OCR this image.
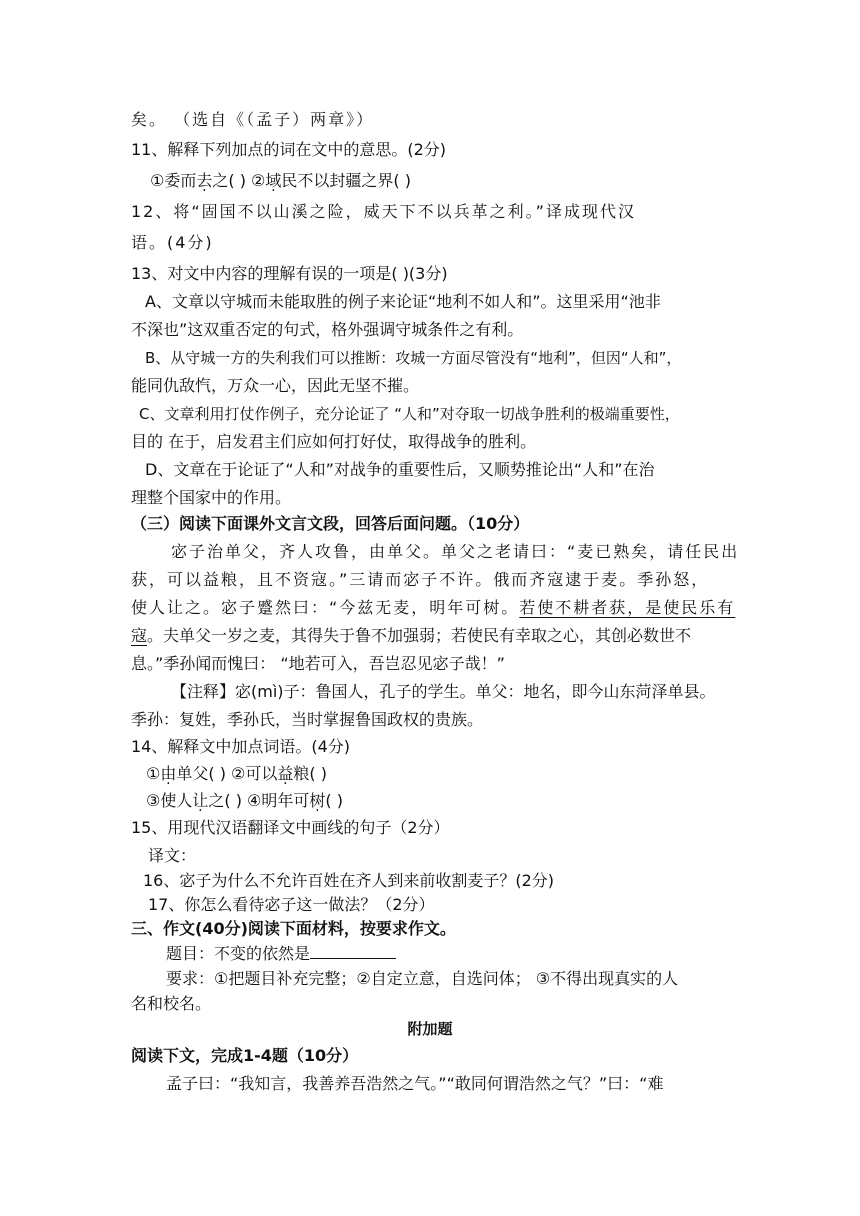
矣。 （选自《（孟子）两章》）
11、解释下列加点的词在文中的意思。(2分)
①委而去之( ) ②域民不以封疆之界( )
12、将“固国不以山溪之险，威天下不以兵革之利。”译成现代汉
语。(4分)
13、对文中内容的理解有误的一项是( )(3分)
A、文章以守城而未能取胜的例子来论证“地利不如人和”。这里采用“池非
不深也”这双重否定的句式，格外强调守城条件之有利。
B、从守城一方的失利我们可以推断：攻城一方面尽管没有“地利”，但因“人和”，
能同仇敌忾，万众一心，因此无坚不摧。
C、文章利用打仗作例子，充分论证了 “人和”对夺取一切战争胜利的极端重要性，
目的 在于，启发君主们应如何打好仗，取得战争的胜利。
D、文章在于论证了“人和”对战争的重要性后，又顺势推论出“人和”在治
理整个国家中的作用。
（三）阅读下面课外文言文段，回答后面问题。（10分）
宓子治单父，齐人攻鲁，由单父。单父之老请曰：“麦已熟矣，请任民出
获，可以益粮，且不资寇。”三请而宓子不许。俄而齐寇逮于麦。季孙怒，
使人让之。宓子蹙然曰：“今兹无麦，明年可树。若使不耕者获，是使民乐有
寇。夫单父一岁之麦，其得失于鲁不加强弱；若使民有幸取之心，其创必数世不
息。”季孙闻而愧曰： “地若可入，吾岂忍见宓子哉！”
【注释】宓(mì)子：鲁国人，孔子的学生。单父：地名，即今山东菏泽单县。
季孙：复姓，季孙氏，当时掌握鲁国政权的贵族。
14、解释文中加点词语。(4分)
①由单父( ) ②可以益粮( )
③使人让之( ) ④明年可树( )
15、用现代汉语翻译文中画线的句子（2分）
译文：
16、宓子为什么不允许百姓在齐人到来前收割麦子？(2分)
17、你怎么看待宓子这一做法？（2分）
三、作文(40分)阅读下面材料，按要求作文。
题目：不变的依然是
要求：①把题目补充完整；②自定立意，自选问体； ③不得出现真实的人
名和校名。
附加题
阅读下文，完成1-4题（10分）
孟子曰：“我知言，我善养吾浩然之气。”“敢同何谓浩然之气？”曰：“难
